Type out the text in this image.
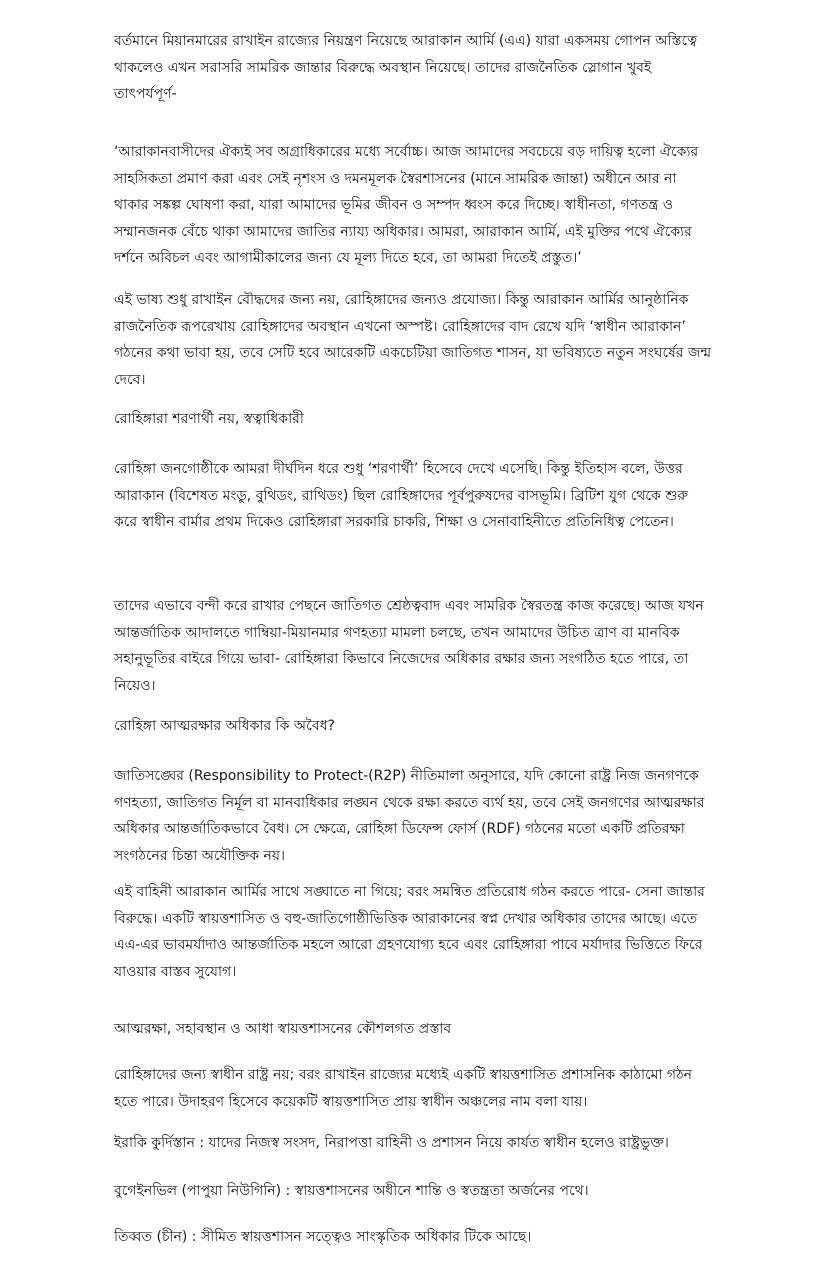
বর্তমানে মিয়ানমারের রাখাইন রাজ্যের নিয়ন্ত্রণ নিয়েছে আরাকান আর্মি (এএ) যারা একসময় গোপন অস্তিত্বে থাকলেও এখন সরাসরি সামরিক জান্তার বিরুদ্ধে অবস্থান নিয়েছে। তাদের রাজনৈতিক স্লোগান খুবই তাৎপর্যপূর্ণ-

‘আরাকানবাসীদের ঐক্যই সব অগ্রাধিকারের মধ্যে সর্বোচ্চ। আজ আমাদের সবচেয়ে বড় দায়িত্ব হলো ঐক্যের সাহসিকতা প্রমাণ করা এবং সেই নৃশংস ও দমনমূলক স্বৈরশাসনের (মানে সামরিক জান্তা) অধীনে আর না থাকার সঙ্কল্প ঘোষণা করা, যারা আমাদের ভূমির জীবন ও সম্পদ ধ্বংস করে দিচ্ছে। স্বাধীনতা, গণতন্ত্র ও সম্মানজনক বেঁচে থাকা আমাদের জাতির ন্যায্য অধিকার। আমরা, আরাকান আর্মি, এই মুক্তির পথে ঐক্যের দর্শনে অবিচল এবং আগামীকালের জন্য যে মূল্য দিতে হবে, তা আমরা দিতেই প্রস্তুত।’

এই ভাষ্য শুধু রাখাইন বৌদ্ধদের জন্য নয়, রোহিঙ্গাদের জন্যও প্রযোজ্য। কিন্তু আরাকান আর্মির আনুষ্ঠানিক রাজনৈতিক রূপরেখায় রোহিঙ্গাদের অবস্থান এখনো অস্পষ্ট। রোহিঙ্গাদের বাদ রেখে যদি ‘স্বাধীন আরাকান’ গঠনের কথা ভাবা হয়, তবে সেটি হবে আরেকটি একচেটিয়া জাতিগত শাসন, যা ভবিষ্যতে নতুন সংঘর্ষের জন্ম দেবে।

রোহিঙ্গারা শরণার্থী নয়, স্বত্বাধিকারী

রোহিঙ্গা জনগোষ্ঠীকে আমরা দীর্ঘদিন ধরে শুধু ‘শরণার্থী’ হিসেবে দেখে এসেছি। কিন্তু ইতিহাস বলে, উত্তর আরাকান (বিশেষত মংডু, বুথিডং, রাথিডং) ছিল রোহিঙ্গাদের পূর্বপুরুষদের বাসভূমি। ব্রিটিশ যুগ থেকে শুরু করে স্বাধীন বার্মার প্রথম দিকেও রোহিঙ্গারা সরকারি চাকরি, শিক্ষা ও সেনাবাহিনীতে প্রতিনিধিত্ব পেতেন।

তাদের এভাবে বন্দী করে রাখার পেছনে জাতিগত শ্রেষ্ঠত্ববাদ এবং সামরিক স্বৈরতন্ত্র কাজ করেছে। আজ যখন আন্তর্জাতিক আদালতে গাম্বিয়া-মিয়ানমার গণহত্যা মামলা চলছে, তখন আমাদের উচিত ত্রাণ বা মানবিক সহানুভূতির বাইরে গিয়ে ভাবা- রোহিঙ্গারা কিভাবে নিজেদের অধিকার রক্ষার জন্য সংগঠিত হতে পারে, তা নিয়েও।

রোহিঙ্গা আত্মরক্ষার অধিকার কি অবৈধ?

জাতিসঙ্ঘের (Responsibility to Protect-(R2P) নীতিমালা অনুসারে, যদি কোনো রাষ্ট্র নিজ জনগণকে গণহত্যা, জাতিগত নির্মূল বা মানবাধিকার লঙ্ঘন থেকে রক্ষা করতে ব্যর্থ হয়, তবে সেই জনগণের আত্মরক্ষার অধিকার আন্তর্জাতিকভাবে বৈধ। সে ক্ষেত্রে, রোহিঙ্গা ডিফেন্স ফোর্স (RDF) গঠনের মতো একটি প্রতিরক্ষা সংগঠনের চিন্তা অযৌক্তিক নয়।

এই বাহিনী আরাকান আর্মির সাথে সঙ্ঘাতে না গিয়ে; বরং সমন্বিত প্রতিরোধ গঠন করতে পারে- সেনা জান্তার বিরুদ্ধে। একটি স্বায়ত্তশাসিত ও বহু-জাতিগোষ্ঠীভিত্তিক আরাকানের স্বপ্ন দেখার অধিকার তাদের আছে। এতে এএ-এর ভাবমর্যাদাও আন্তর্জাতিক মহলে আরো গ্রহণযোগ্য হবে এবং রোহিঙ্গারা পাবে মর্যাদার ভিত্তিতে ফিরে যাওয়ার বাস্তব সুযোগ।

আত্মরক্ষা, সহাবস্থান ও আধা স্বায়ত্তশাসনের কৌশলগত প্রস্তাব

রোহিঙ্গাদের জন্য স্বাধীন রাষ্ট্র নয়; বরং রাখাইন রাজ্যের মধ্যেই একটি স্বায়ত্তশাসিত প্রশাসনিক কাঠামো গঠন হতে পারে। উদাহরণ হিসেবে কয়েকটি স্বায়ত্তশাসিত প্রায় স্বাধীন অঞ্চলের নাম বলা যায়।

ইরাকি কুর্দিস্তান : যাদের নিজস্ব সংসদ, নিরাপত্তা বাহিনী ও প্রশাসন নিয়ে কার্যত স্বাধীন হলেও রাষ্ট্রভুক্ত।

বুগেইনভিল (পাপুয়া নিউগিনি) : স্বায়ত্তশাসনের অধীনে শান্তি ও স্বতন্ত্রতা অর্জনের পথে।

তিব্বত (চীন) : সীমিত স্বায়ত্তশাসন সত্ত্বেও সাংস্কৃতিক অধিকার টিকে আছে।
